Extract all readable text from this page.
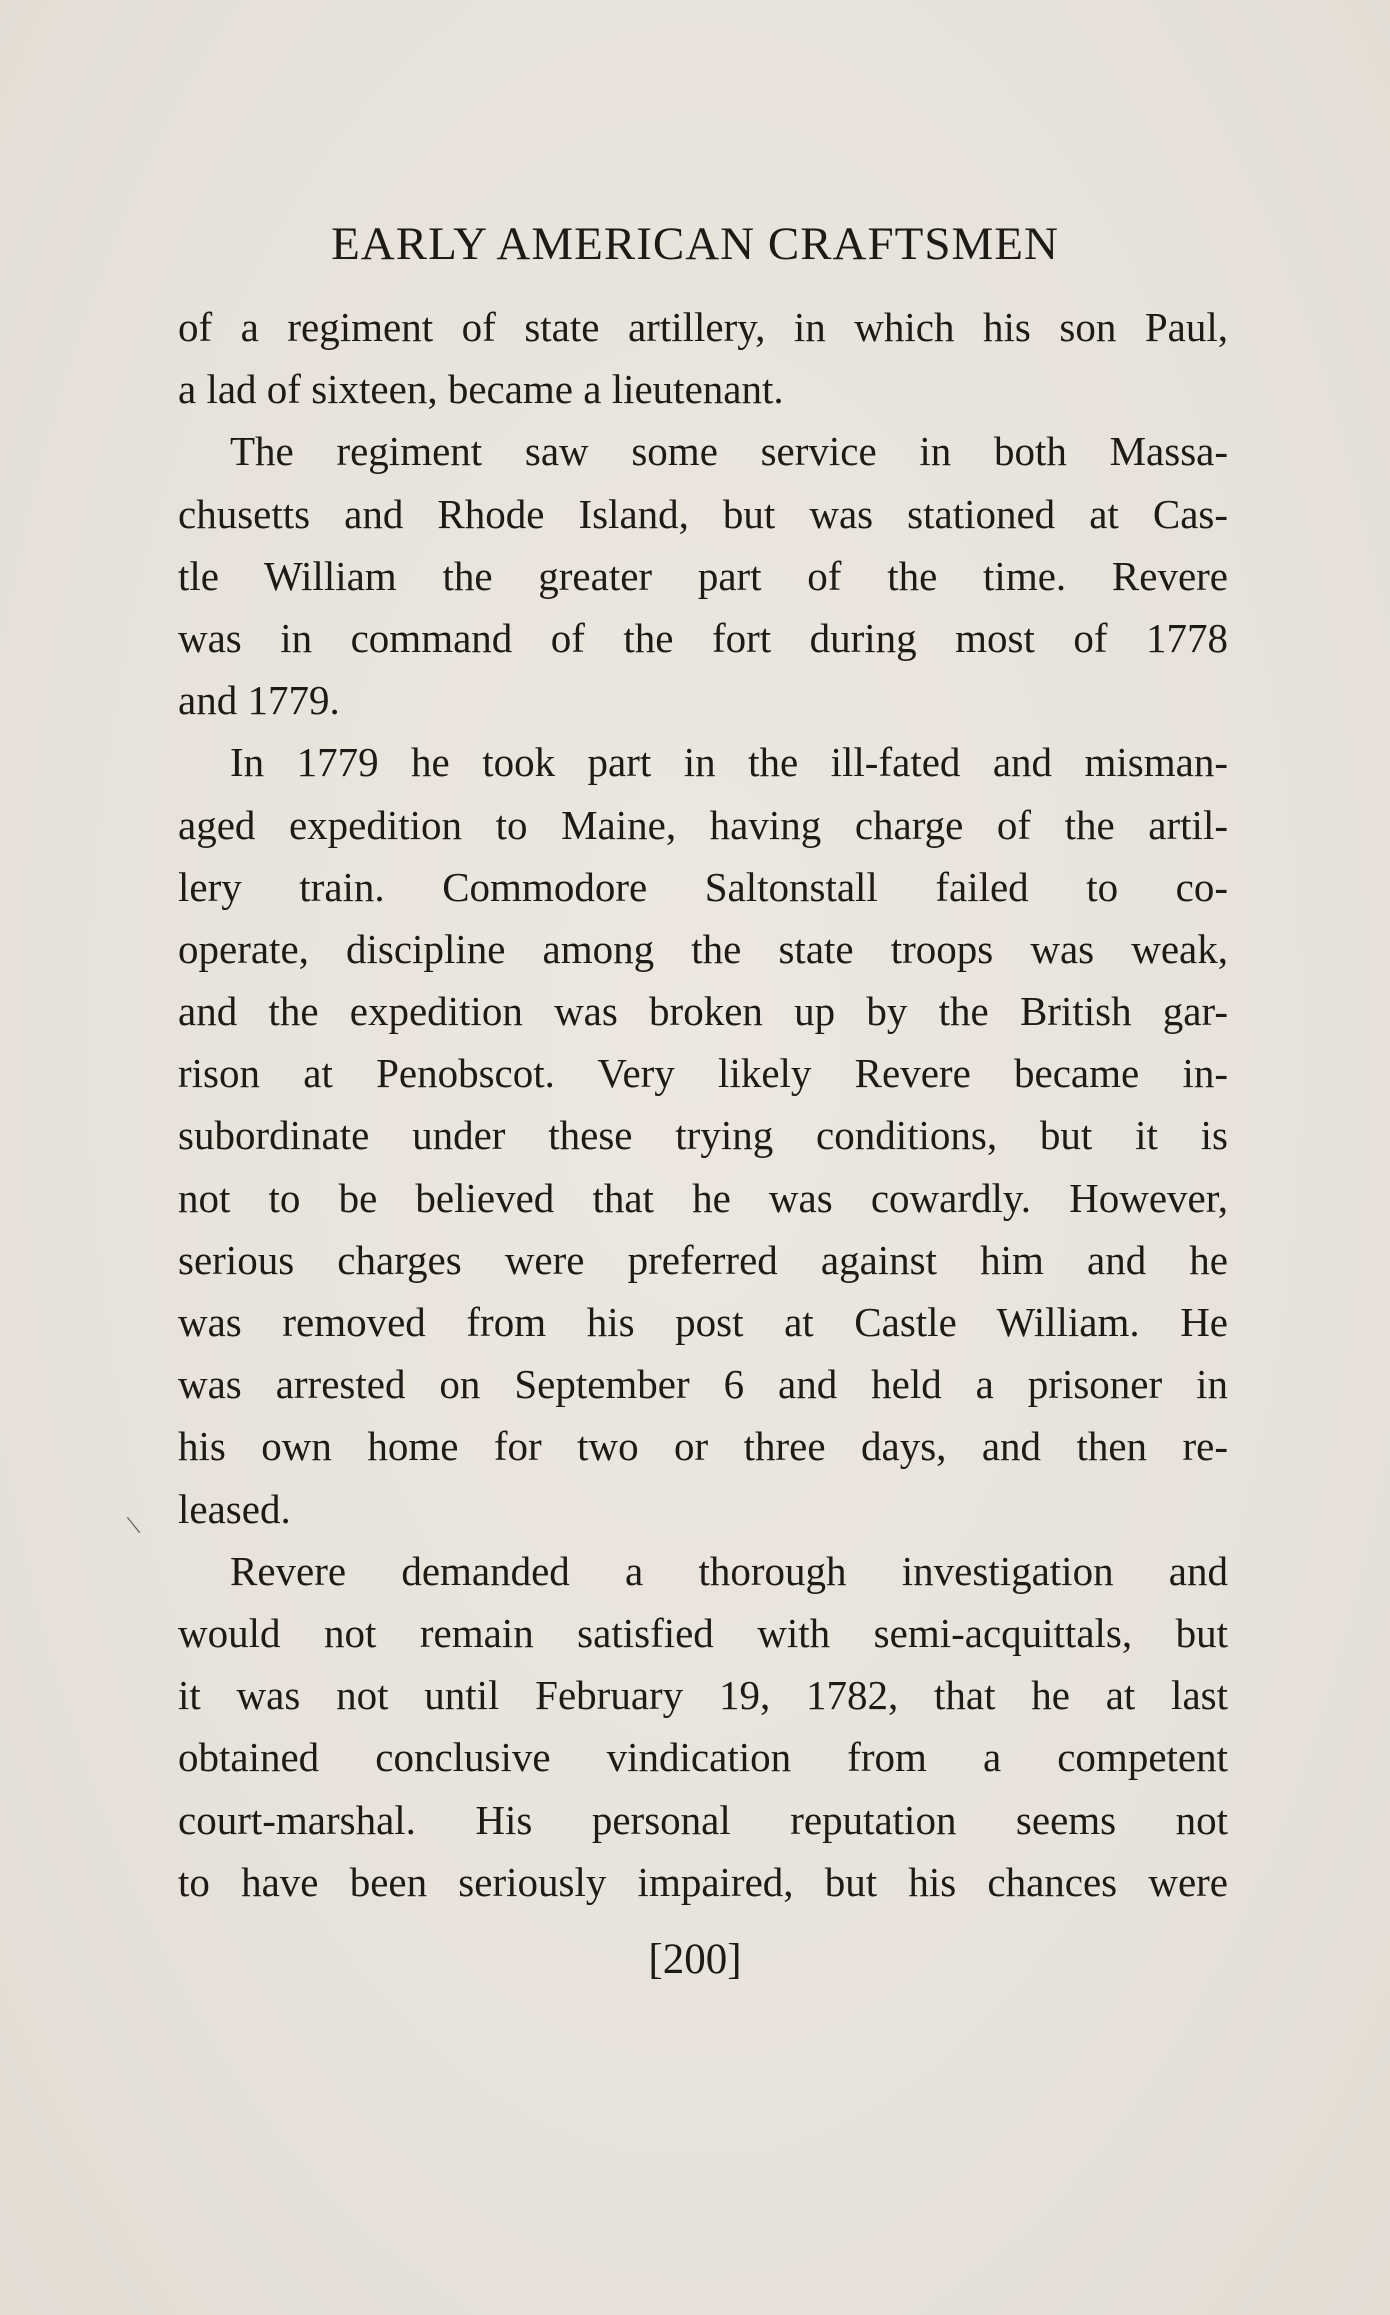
EARLY AMERICAN CRAFTSMEN
of a regiment of state artillery, in which his son Paul,
a lad of sixteen, became a lieutenant.
The regiment saw some service in both Massa-
chusetts and Rhode Island, but was stationed at Cas-
tle William the greater part of the time. Revere
was in command of the fort during most of 1778
and 1779.
In 1779 he took part in the ill-fated and misman-
aged expedition to Maine, having charge of the artil-
lery train. Commodore Saltonstall failed to co-
operate, discipline among the state troops was weak,
and the expedition was broken up by the British gar-
rison at Penobscot. Very likely Revere became in-
subordinate under these trying conditions, but it is
not to be believed that he was cowardly. However,
serious charges were preferred against him and he
was removed from his post at Castle William. He
was arrested on September 6 and held a prisoner in
his own home for two or three days, and then re-
leased.
Revere demanded a thorough investigation and
would not remain satisfied with semi-acquittals, but
it was not until February 19, 1782, that he at last
obtained conclusive vindication from a competent
court-marshal. His personal reputation seems not
to have been seriously impaired, but his chances were
\
[200]
